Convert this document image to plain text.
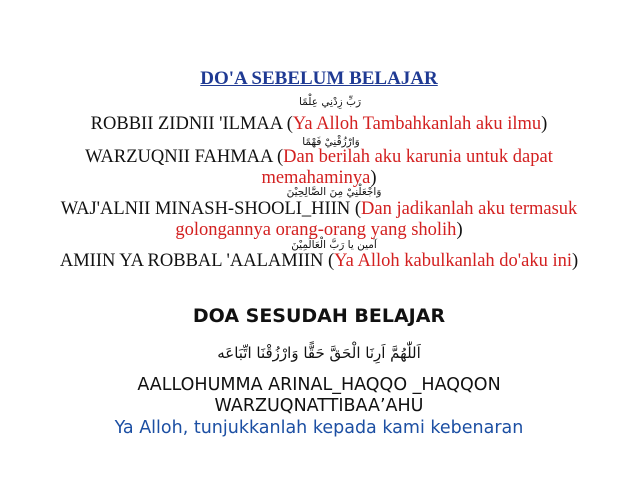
DO'A SEBELUM BELAJAR
رَبِّ زِدْنِي عِلْمًا
ROBBII ZIDNII 'ILMAA (Ya Alloh Tambahkanlah aku ilmu)
وَارْزُقْنِيْ فَهْمًا
WARZUQNII FAHMAA (Dan berilah aku karunia untuk dapat
memahaminya)
وَاجْعَلْنِيْ مِنَ الصَّالِحِيْنَ
WAJ'ALNII MINASH-SHOOLI_HIIN (Dan jadikanlah aku termasuk
golongannya orang-orang yang sholih)
آمين يا رَبَّ الْعَالَمِيْنَ
AMIIN YA ROBBAL 'AALAMIIN (Ya Alloh kabulkanlah do'aku ini)
DOA SESUDAH BELAJAR
اَللّٰهُمَّ اَرِنَا الْحَقَّ حَقًّا وَارْزُقْنَا اتِّبَاعَه
AALLOHUMMA ARINAL_HAQQO _HAQQON
WARZUQNATTIBAA’AHU
Ya Alloh, tunjukkanlah kepada kami kebenaran
